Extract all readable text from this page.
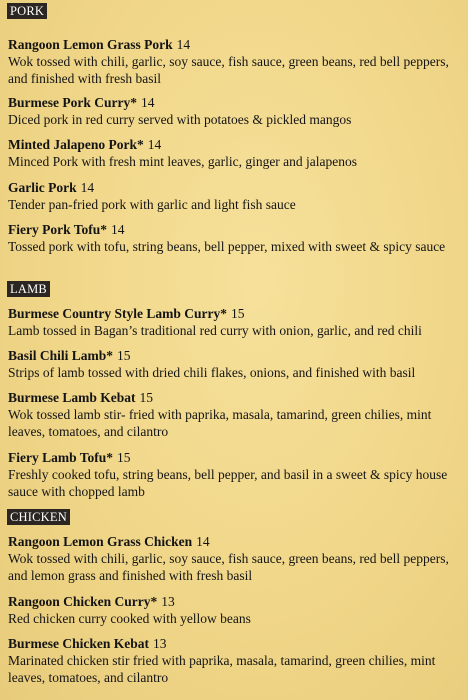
PORK
Rangoon Lemon Grass Pork 14
Wok tossed with chili, garlic, soy sauce, fish sauce, green beans, red bell peppers, and finished with fresh basil
Burmese Pork Curry* 14
Diced pork in red curry served with potatoes & pickled mangos
Minted Jalapeno Pork* 14
Minced Pork with fresh mint leaves, garlic, ginger and jalapenos
Garlic Pork 14
Tender pan-fried pork with garlic and light fish sauce
Fiery Pork Tofu* 14
Tossed pork with tofu, string beans, bell pepper, mixed with sweet & spicy sauce
LAMB
Burmese Country Style Lamb Curry* 15
Lamb tossed in Bagan’s traditional red curry with onion, garlic, and red chili
Basil Chili Lamb* 15
Strips of lamb tossed with dried chili flakes, onions, and finished with basil
Burmese Lamb Kebat 15
Wok tossed lamb stir- fried with paprika, masala, tamarind, green chilies, mint leaves, tomatoes, and cilantro
Fiery Lamb Tofu* 15
Freshly cooked tofu, string beans, bell pepper, and basil in a sweet & spicy house sauce with chopped lamb
CHICKEN
Rangoon Lemon Grass Chicken 14
Wok tossed with chili, garlic, soy sauce, fish sauce, green beans, red bell peppers, and lemon grass and finished with fresh basil
Rangoon Chicken Curry* 13
Red chicken curry cooked with yellow beans
Burmese Chicken Kebat 13
Marinated chicken stir fried with paprika, masala, tamarind, green chilies, mint leaves, tomatoes, and cilantro
